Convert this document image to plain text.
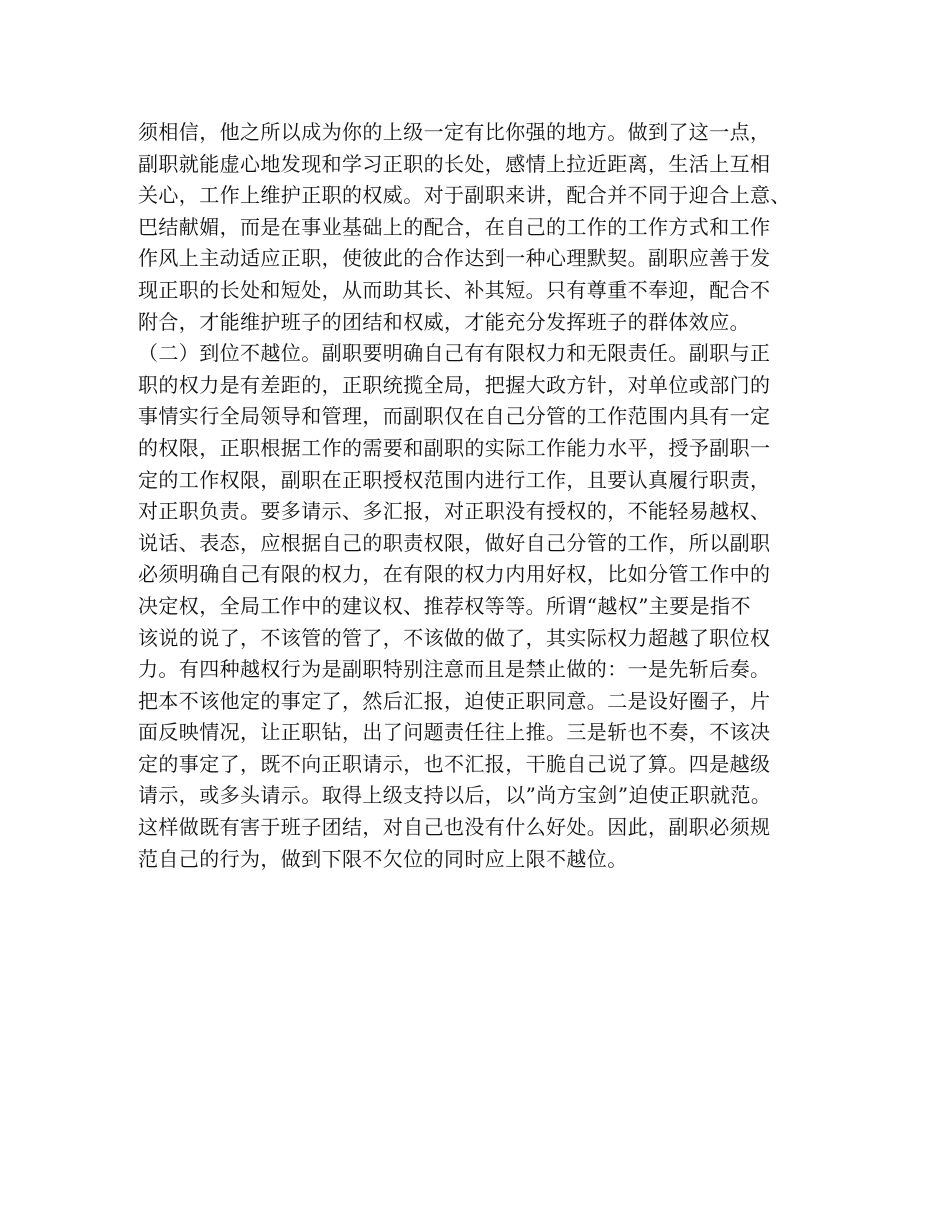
须相信，他之所以成为你的上级一定有比你强的地方。做到了这一点，
副职就能虚心地发现和学习正职的长处，感情上拉近距离，生活上互相
关心，工作上维护正职的权威。对于副职来讲，配合并不同于迎合上意、
巴结献媚，而是在事业基础上的配合，在自己的工作的工作方式和工作
作风上主动适应正职，使彼此的合作达到一种心理默契。副职应善于发
现正职的长处和短处，从而助其长、补其短。只有尊重不奉迎，配合不
附合，才能维护班子的团结和权威，才能充分发挥班子的群体效应。
（二）到位不越位。副职要明确自己有有限权力和无限责任。副职与正
职的权力是有差距的，正职统揽全局，把握大政方针，对单位或部门的
事情实行全局领导和管理，而副职仅在自己分管的工作范围内具有一定
的权限，正职根据工作的需要和副职的实际工作能力水平，授予副职一
定的工作权限，副职在正职授权范围内进行工作，且要认真履行职责，
对正职负责。要多请示、多汇报，对正职没有授权的，不能轻易越权、
说话、表态，应根据自己的职责权限，做好自己分管的工作，所以副职
必须明确自己有限的权力，在有限的权力内用好权，比如分管工作中的
决定权，全局工作中的建议权、推荐权等等。所谓“越权”主要是指不
该说的说了，不该管的管了，不该做的做了，其实际权力超越了职位权
力。有四种越权行为是副职特别注意而且是禁止做的：一是先斩后奏。
把本不该他定的事定了，然后汇报，迫使正职同意。二是设好圈子，片
面反映情况，让正职钻，出了问题责任往上推。三是斩也不奏，不该决
定的事定了，既不向正职请示，也不汇报，干脆自己说了算。四是越级
请示，或多头请示。取得上级支持以后，以”尚方宝剑”迫使正职就范。
这样做既有害于班子团结，对自己也没有什么好处。因此，副职必须规
范自己的行为，做到下限不欠位的同时应上限不越位。
